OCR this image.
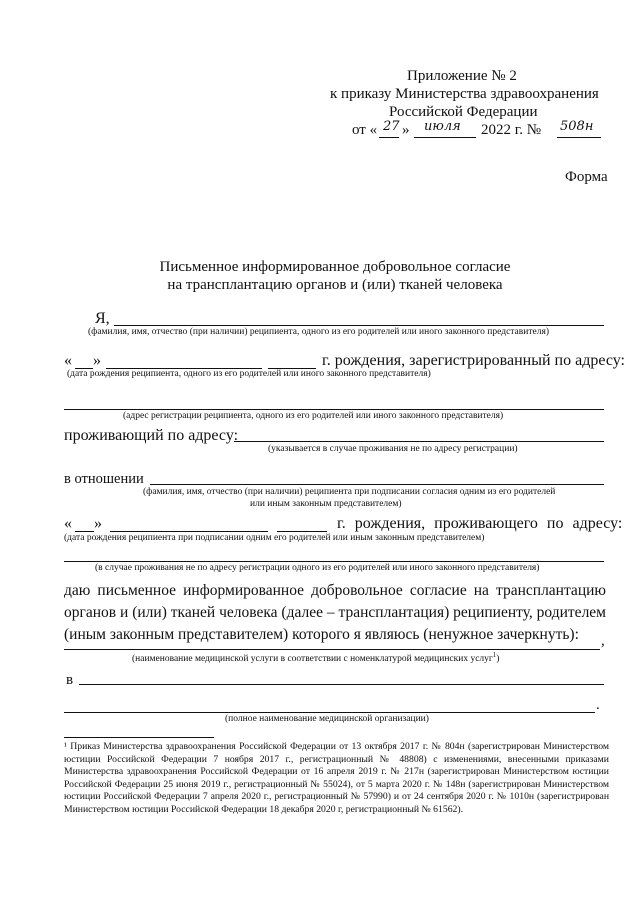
Приложение № 2
к приказу Министерства здравоохранения
Российской Федерации
от « 27 » июля 2022 г. № 508н
Форма
Письменное информированное добровольное согласие
на трансплантацию органов и (или) тканей человека
Я,
(фамилия, имя, отчество (при наличии) реципиента, одного из его родителей или иного законного представителя)
« »	г. рождения, зарегистрированный по адресу:
(дата рождения реципиента, одного из его родителей или иного законного представителя)
(адрес регистрации реципиента, одного из его родителей или иного законного представителя)
проживающий по адресу:
(указывается в случае проживания не по адресу регистрации)
в отношении
(фамилия, имя, отчество (при наличии) реципиента при подписании согласия одним из его родителей
или иным законным представителем)
« »	г. рождения, проживающего по адресу:
(дата рождения реципиента при подписании одним его родителей или иным законным представителем)
(в случае проживания не по адресу регистрации одного из его родителей или иного законного представителя)
даю письменное информированное добровольное согласие на трансплантацию органов и (или) тканей человека (далее – трансплантация) реципиенту, родителем (иным законным представителем) которого я являюсь (ненужное зачеркнуть):	,
(наименование медицинской услуги в соответствии с номенклатурой медицинских услуг$^1$)
в
.
(полное наименование медицинской организации)
¹ Приказ Министерства здравоохранения Российской Федерации от 13 октября 2017 г. № 804н (зарегистрирован Министерством юстиции Российской Федерации 7 ноября 2017 г., регистрационный № 48808) с изменениями, внесенными приказами Министерства здравоохранения Российской Федерации от 16 апреля 2019 г. № 217н (зарегистрирован Министерством юстиции Российской Федерации 25 июня 2019 г., регистрационный № 55024), от 5 марта 2020 г. № 148н (зарегистрирован Министерством юстиции Российской Федерации 7 апреля 2020 г., регистрационный № 57990) и от 24 сентября 2020 г. № 1010н (зарегистрирован Министерством юстиции Российской Федерации 18 декабря 2020 г, регистрационный № 61562).
